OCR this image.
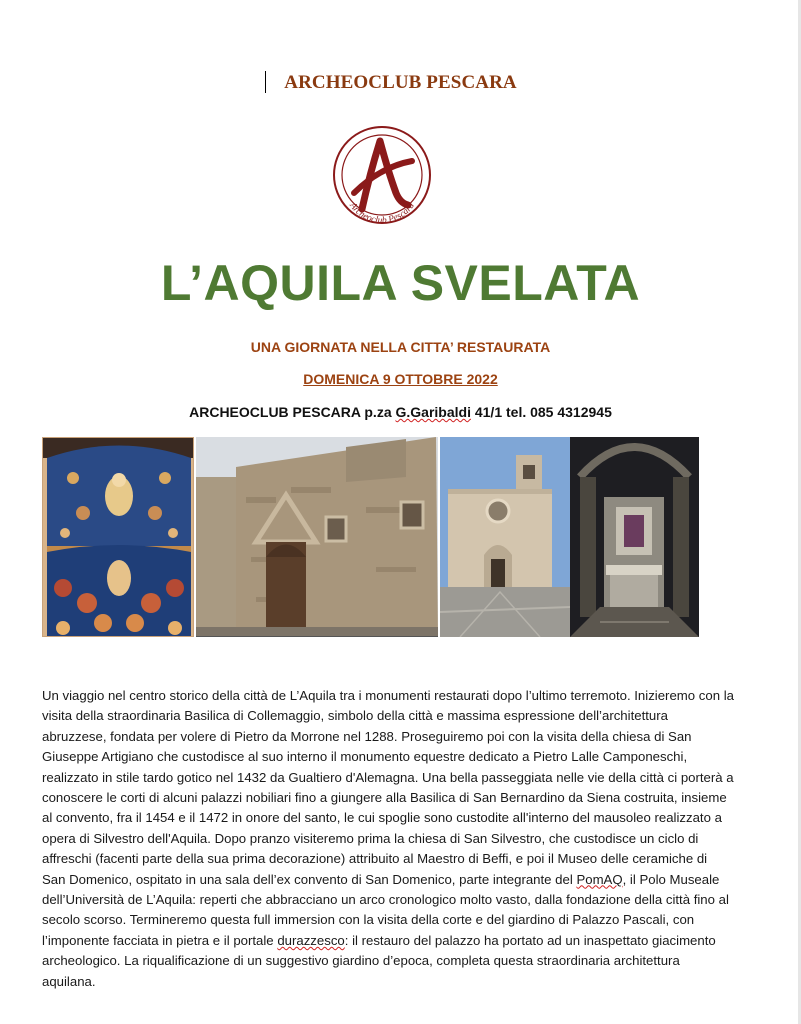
ARCHEOCLUB PESCARA
Archeoclub Pescara
L’AQUILA SVELATA
UNA GIORNATA NELLA CITTA’ RESTAURATA
DOMENICA 9 OTTOBRE 2022
ARCHEOCLUB PESCARA p.za G.Garibaldi 41/1 tel. 085 4312945

Un viaggio nel centro storico della città de L’Aquila tra i monumenti restaurati dopo l’ultimo terremoto. Inizieremo con la visita della straordinaria Basilica di Collemaggio, simbolo della città e massima espressione dell’architettura abruzzese, fondata per volere di Pietro da Morrone nel 1288. Proseguiremo poi con la visita della chiesa di San Giuseppe Artigiano che custodisce al suo interno il monumento equestre dedicato a Pietro Lalle Camponeschi, realizzato in stile tardo gotico nel 1432 da Gualtiero d'Alemagna. Una bella passeggiata nelle vie della città ci porterà a conoscere le corti di alcuni palazzi nobiliari fino a giungere alla Basilica di San Bernardino da Siena costruita, insieme al convento, fra il 1454 e il 1472 in onore del santo, le cui spoglie sono custodite all'interno del mausoleo realizzato a opera di Silvestro dell'Aquila. Dopo pranzo visiteremo prima la chiesa di San Silvestro, che custodisce un ciclo di affreschi (facenti parte della sua prima decorazione) attribuito al Maestro di Beffi, e poi il Museo delle ceramiche di San Domenico, ospitato in una sala dell’ex convento di San Domenico, parte integrante del PomAQ, il Polo Museale dell’Università de L’Aquila: reperti che abbracciano un arco cronologico molto vasto, dalla fondazione della città fino al secolo scorso. Termineremo questa full immersion con la visita della corte e del giardino di Palazzo Pascali, con l’imponente facciata in pietra e il portale durazzesco: il restauro del palazzo ha portato ad un inaspettato giacimento archeologico. La riqualificazione di un suggestivo giardino d’epoca, completa questa straordinaria architettura aquilana.
